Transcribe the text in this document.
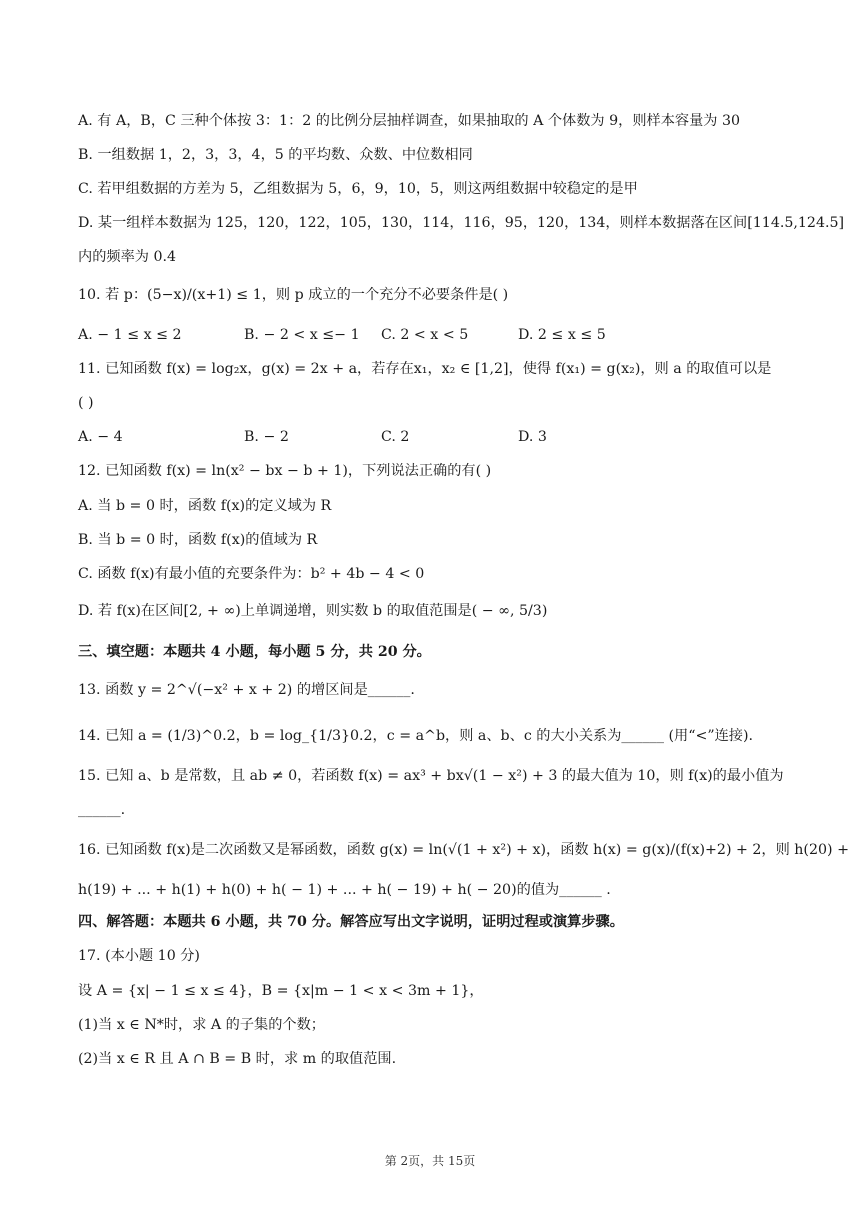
A. 有 A，B，C 三种个体按 3：1：2 的比例分层抽样调查，如果抽取的 A 个体数为 9，则样本容量为 30
B. 一组数据 1，2，3，3，4，5 的平均数、众数、中位数相同
C. 若甲组数据的方差为 5，乙组数据为 5，6，9，10，5，则这两组数据中较稳定的是甲
D. 某一组样本数据为 125，120，122，105，130，114，116，95，120，134，则样本数据落在区间[114.5,124.5]
内的频率为 0.4
10. 若 p：(5−x)/(x+1) ≤ 1，则 p 成立的一个充分不必要条件是( )
A. − 1 ≤ x ≤ 2	B. − 2 < x ≤− 1 C. 2 < x < 5	D. 2 ≤ x ≤ 5
11. 已知函数 f(x) = log₂x，g(x) = 2x + a，若存在x₁，x₂ ∈ [1,2]，使得 f(x₁) = g(x₂)，则 a 的取值可以是
( )
A. − 4	B. − 2	C. 2	D. 3
12. 已知函数 f(x) = ln(x² − bx − b + 1)，下列说法正确的有( )
A. 当 b = 0 时，函数 f(x)的定义域为 R
B. 当 b = 0 时，函数 f(x)的值域为 R
C. 函数 f(x)有最小值的充要条件为：b² + 4b − 4 < 0
D. 若 f(x)在区间[2, + ∞)上单调递增，则实数 b 的取值范围是( − ∞, 5/3)
三、填空题：本题共 4 小题，每小题 5 分，共 20 分。
13. 函数 y = 2^√(−x² + x + 2) 的增区间是______.
14. 已知 a = (1/3)^0.2，b = log_{1/3}0.2，c = a^b，则 a、b、c 的大小关系为______ (用“<”连接).
15. 已知 a、b 是常数，且 ab ≠ 0，若函数 f(x) = ax³ + bx√(1 − x²) + 3 的最大值为 10，则 f(x)的最小值为
______.
16. 已知函数 f(x)是二次函数又是幂函数，函数 g(x) = ln(√(1 + x²) + x)，函数 h(x) = g(x)/(f(x)+2) + 2，则 h(20) +
h(19) + ... + h(1) + h(0) + h( − 1) + ... + h( − 19) + h( − 20)的值为______ .
四、解答题：本题共 6 小题，共 70 分。解答应写出文字说明，证明过程或演算步骤。
17. (本小题 10 分)
设 A = {x| − 1 ≤ x ≤ 4}，B = {x|m − 1 < x < 3m + 1}，
(1)当 x ∈ N*时，求 A 的子集的个数；
(2)当 x ∈ R 且 A ∩ B = B 时，求 m 的取值范围.
第 2页，共 15页
